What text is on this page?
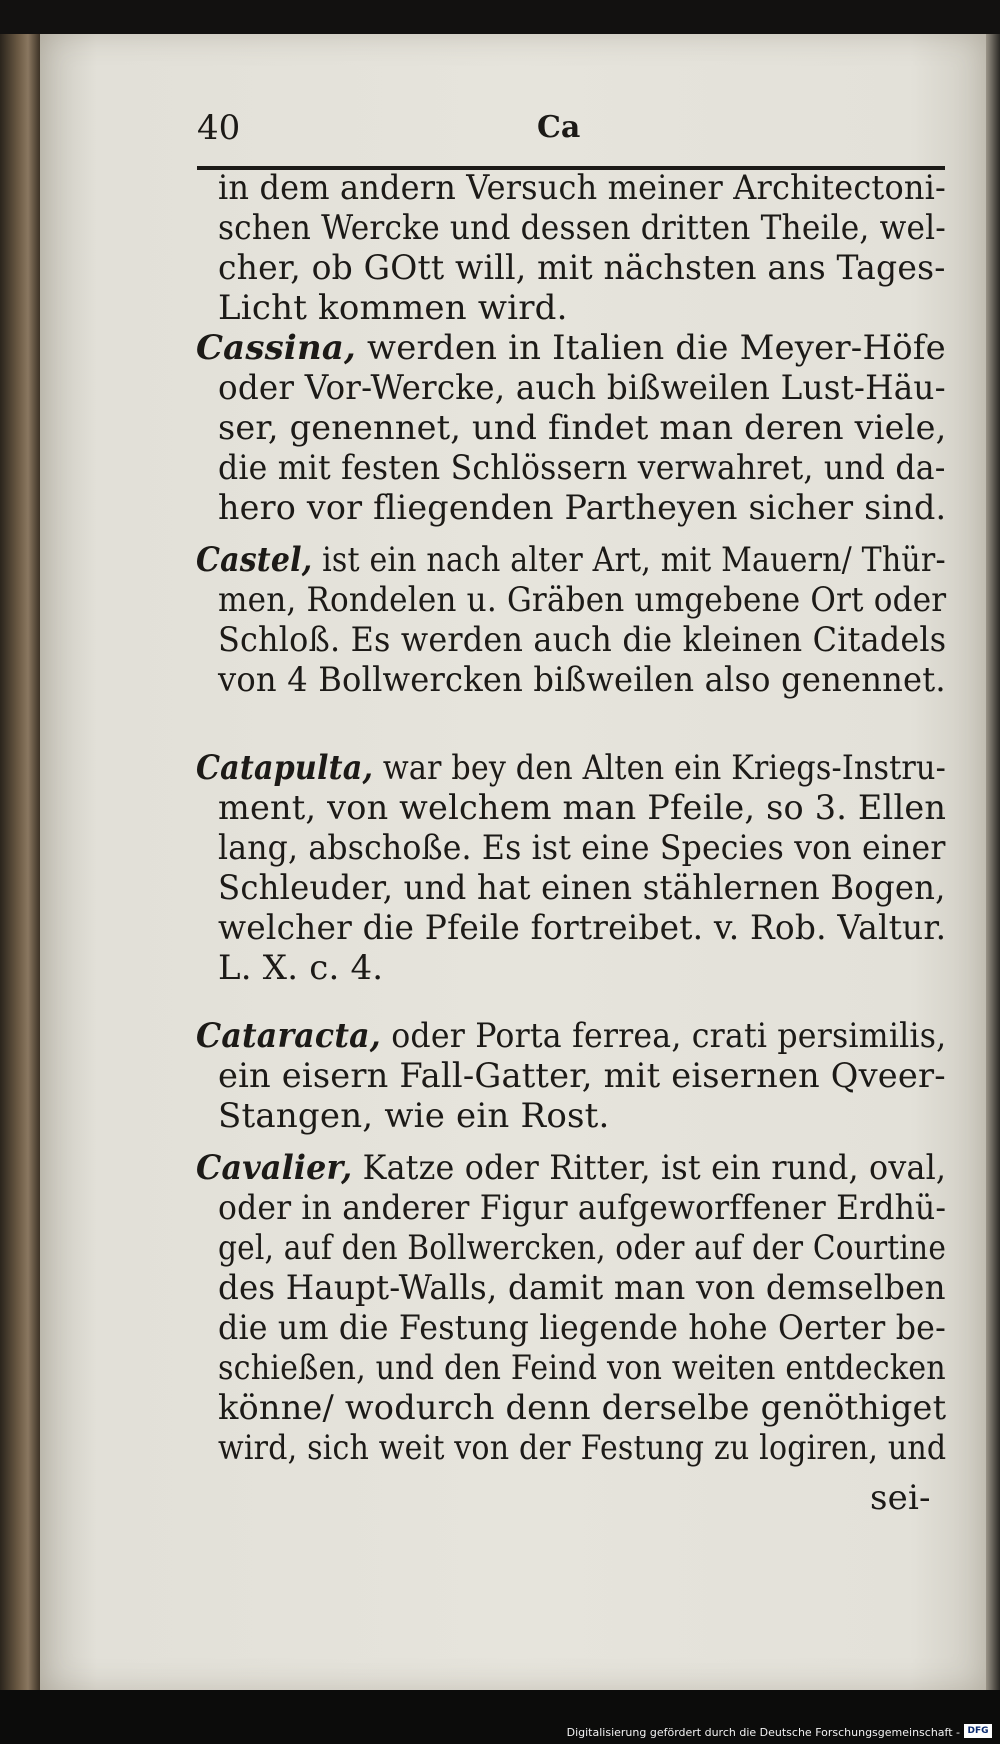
40	Ca
in dem andern Versuch meiner Architectoni-
schen Wercke und dessen dritten Theile, wel-
cher, ob GOtt will, mit nächsten ans Tages-
Licht kommen wird.
Cassina, werden in Italien die Meyer-Höfe
oder Vor-Wercke, auch bißweilen Lust-Häu-
ser, genennet, und findet man deren viele,
die mit festen Schlössern verwahret, und da-
hero vor fliegenden Partheyen sicher sind.
Castel, ist ein nach alter Art, mit Mauern/ Thür-
men, Rondelen u. Gräben umgebene Ort oder
Schloß. Es werden auch die kleinen Citadels
von 4 Bollwercken bißweilen also genennet.
Catapulta, war bey den Alten ein Kriegs-Instru-
ment, von welchem man Pfeile, so 3. Ellen
lang, abschoße. Es ist eine Species von einer
Schleuder, und hat einen stählernen Bogen,
welcher die Pfeile fortreibet. v. Rob. Valtur.
L. X. c. 4.
Cataracta, oder Porta ferrea, crati persimilis,
ein eisern Fall-Gatter, mit eisernen Qveer-
Stangen, wie ein Rost.
Cavalier, Katze oder Ritter, ist ein rund, oval,
oder in anderer Figur aufgeworffener Erdhü-
gel, auf den Bollwercken, oder auf der Courtine
des Haupt-Walls, damit man von demselben
die um die Festung liegende hohe Oerter be-
schießen, und den Feind von weiten entdecken
könne/ wodurch denn derselbe genöthiget
wird, sich weit von der Festung zu logiren, und
sei-
Digitalisierung gefördert durch die Deutsche Forschungsgemeinschaft - DFG
